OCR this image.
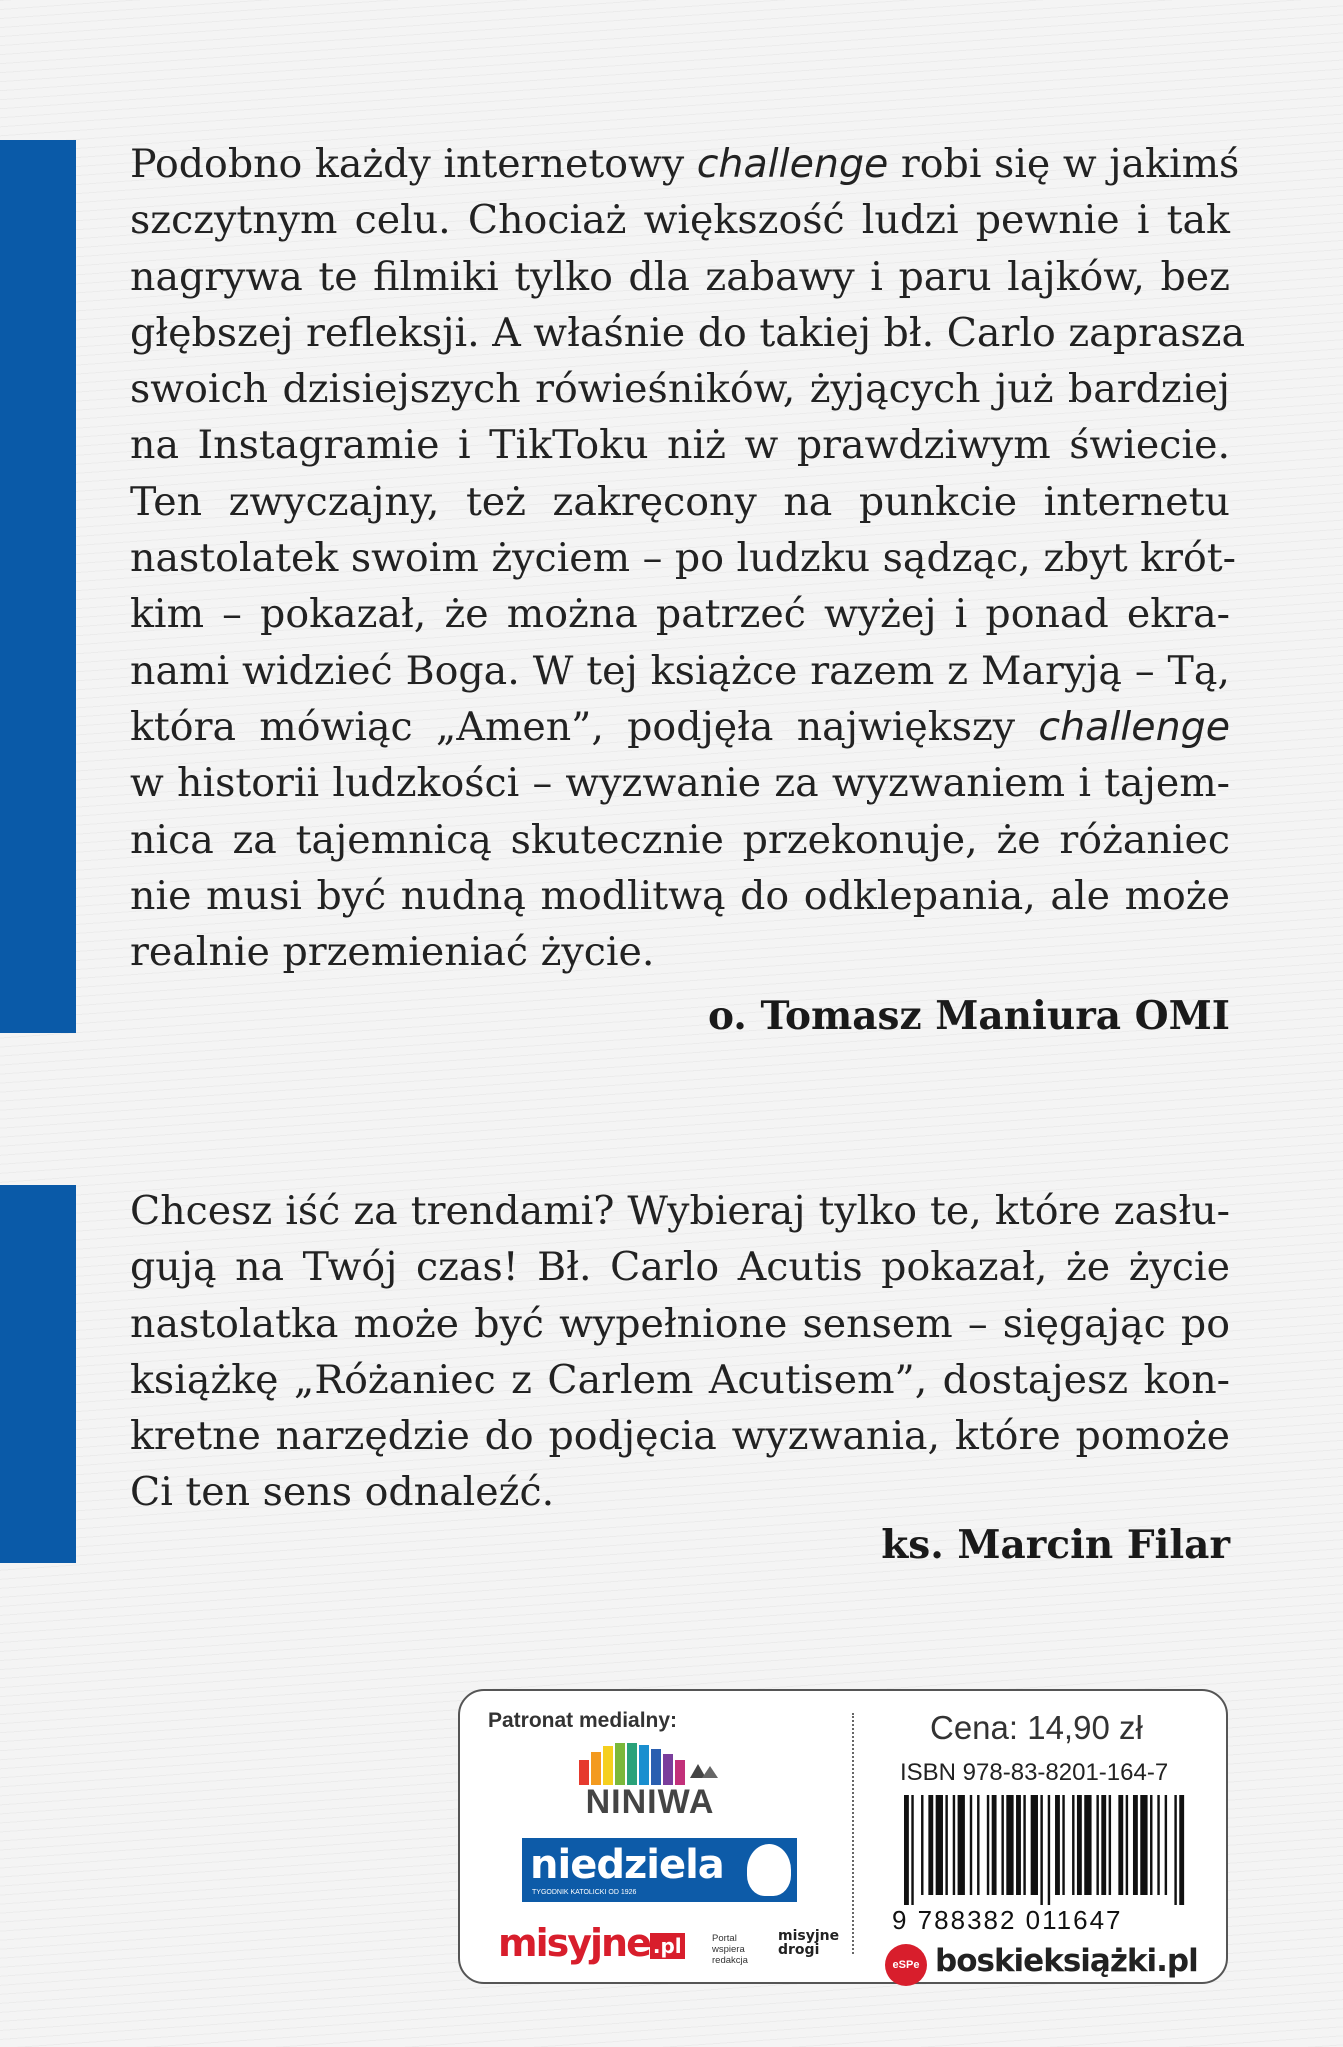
Podobno każdy internetowy challenge robi się w jakimś
szczytnym celu. Chociaż większość ludzi pewnie i tak
nagrywa te filmiki tylko dla zabawy i paru lajków, bez
głębszej refleksji. A właśnie do takiej bł. Carlo zaprasza
swoich dzisiejszych rówieśników, żyjących już bardziej
na Instagramie i TikToku niż w prawdziwym świecie.
Ten zwyczajny, też zakręcony na punkcie internetu
nastolatek swoim życiem – po ludzku sądząc, zbyt krót-
kim – pokazał, że można patrzeć wyżej i ponad ekra-
nami widzieć Boga. W tej książce razem z Maryją – Tą,
która mówiąc „Amen”, podjęła największy challenge
w historii ludzkości – wyzwanie za wyzwaniem i tajem-
nica za tajemnicą skutecznie przekonuje, że różaniec
nie musi być nudną modlitwą do odklepania, ale może
realnie przemieniać życie.
o. Tomasz Maniura OMI
Chcesz iść za trendami? Wybieraj tylko te, które zasłu-
gują na Twój czas! Bł. Carlo Acutis pokazał, że życie
nastolatka może być wypełnione sensem – sięgając po
książkę „Różaniec z Carlem Acutisem”, dostajesz kon-
kretne narzędzie do podjęcia wyzwania, które pomoże
Ci ten sens odnaleźć.
ks. Marcin Filar
Patronat medialny:
NINIWA
niedziela
TYGODNIK KATOLICKI OD 1926
misyjne .pl	Portal
wspiera
redakcja
misyjne
drogi
Cena: 14,90 zł
ISBN 978-83-8201-164-7
9 788382 011647
eSPe boskieksiążki.pl
